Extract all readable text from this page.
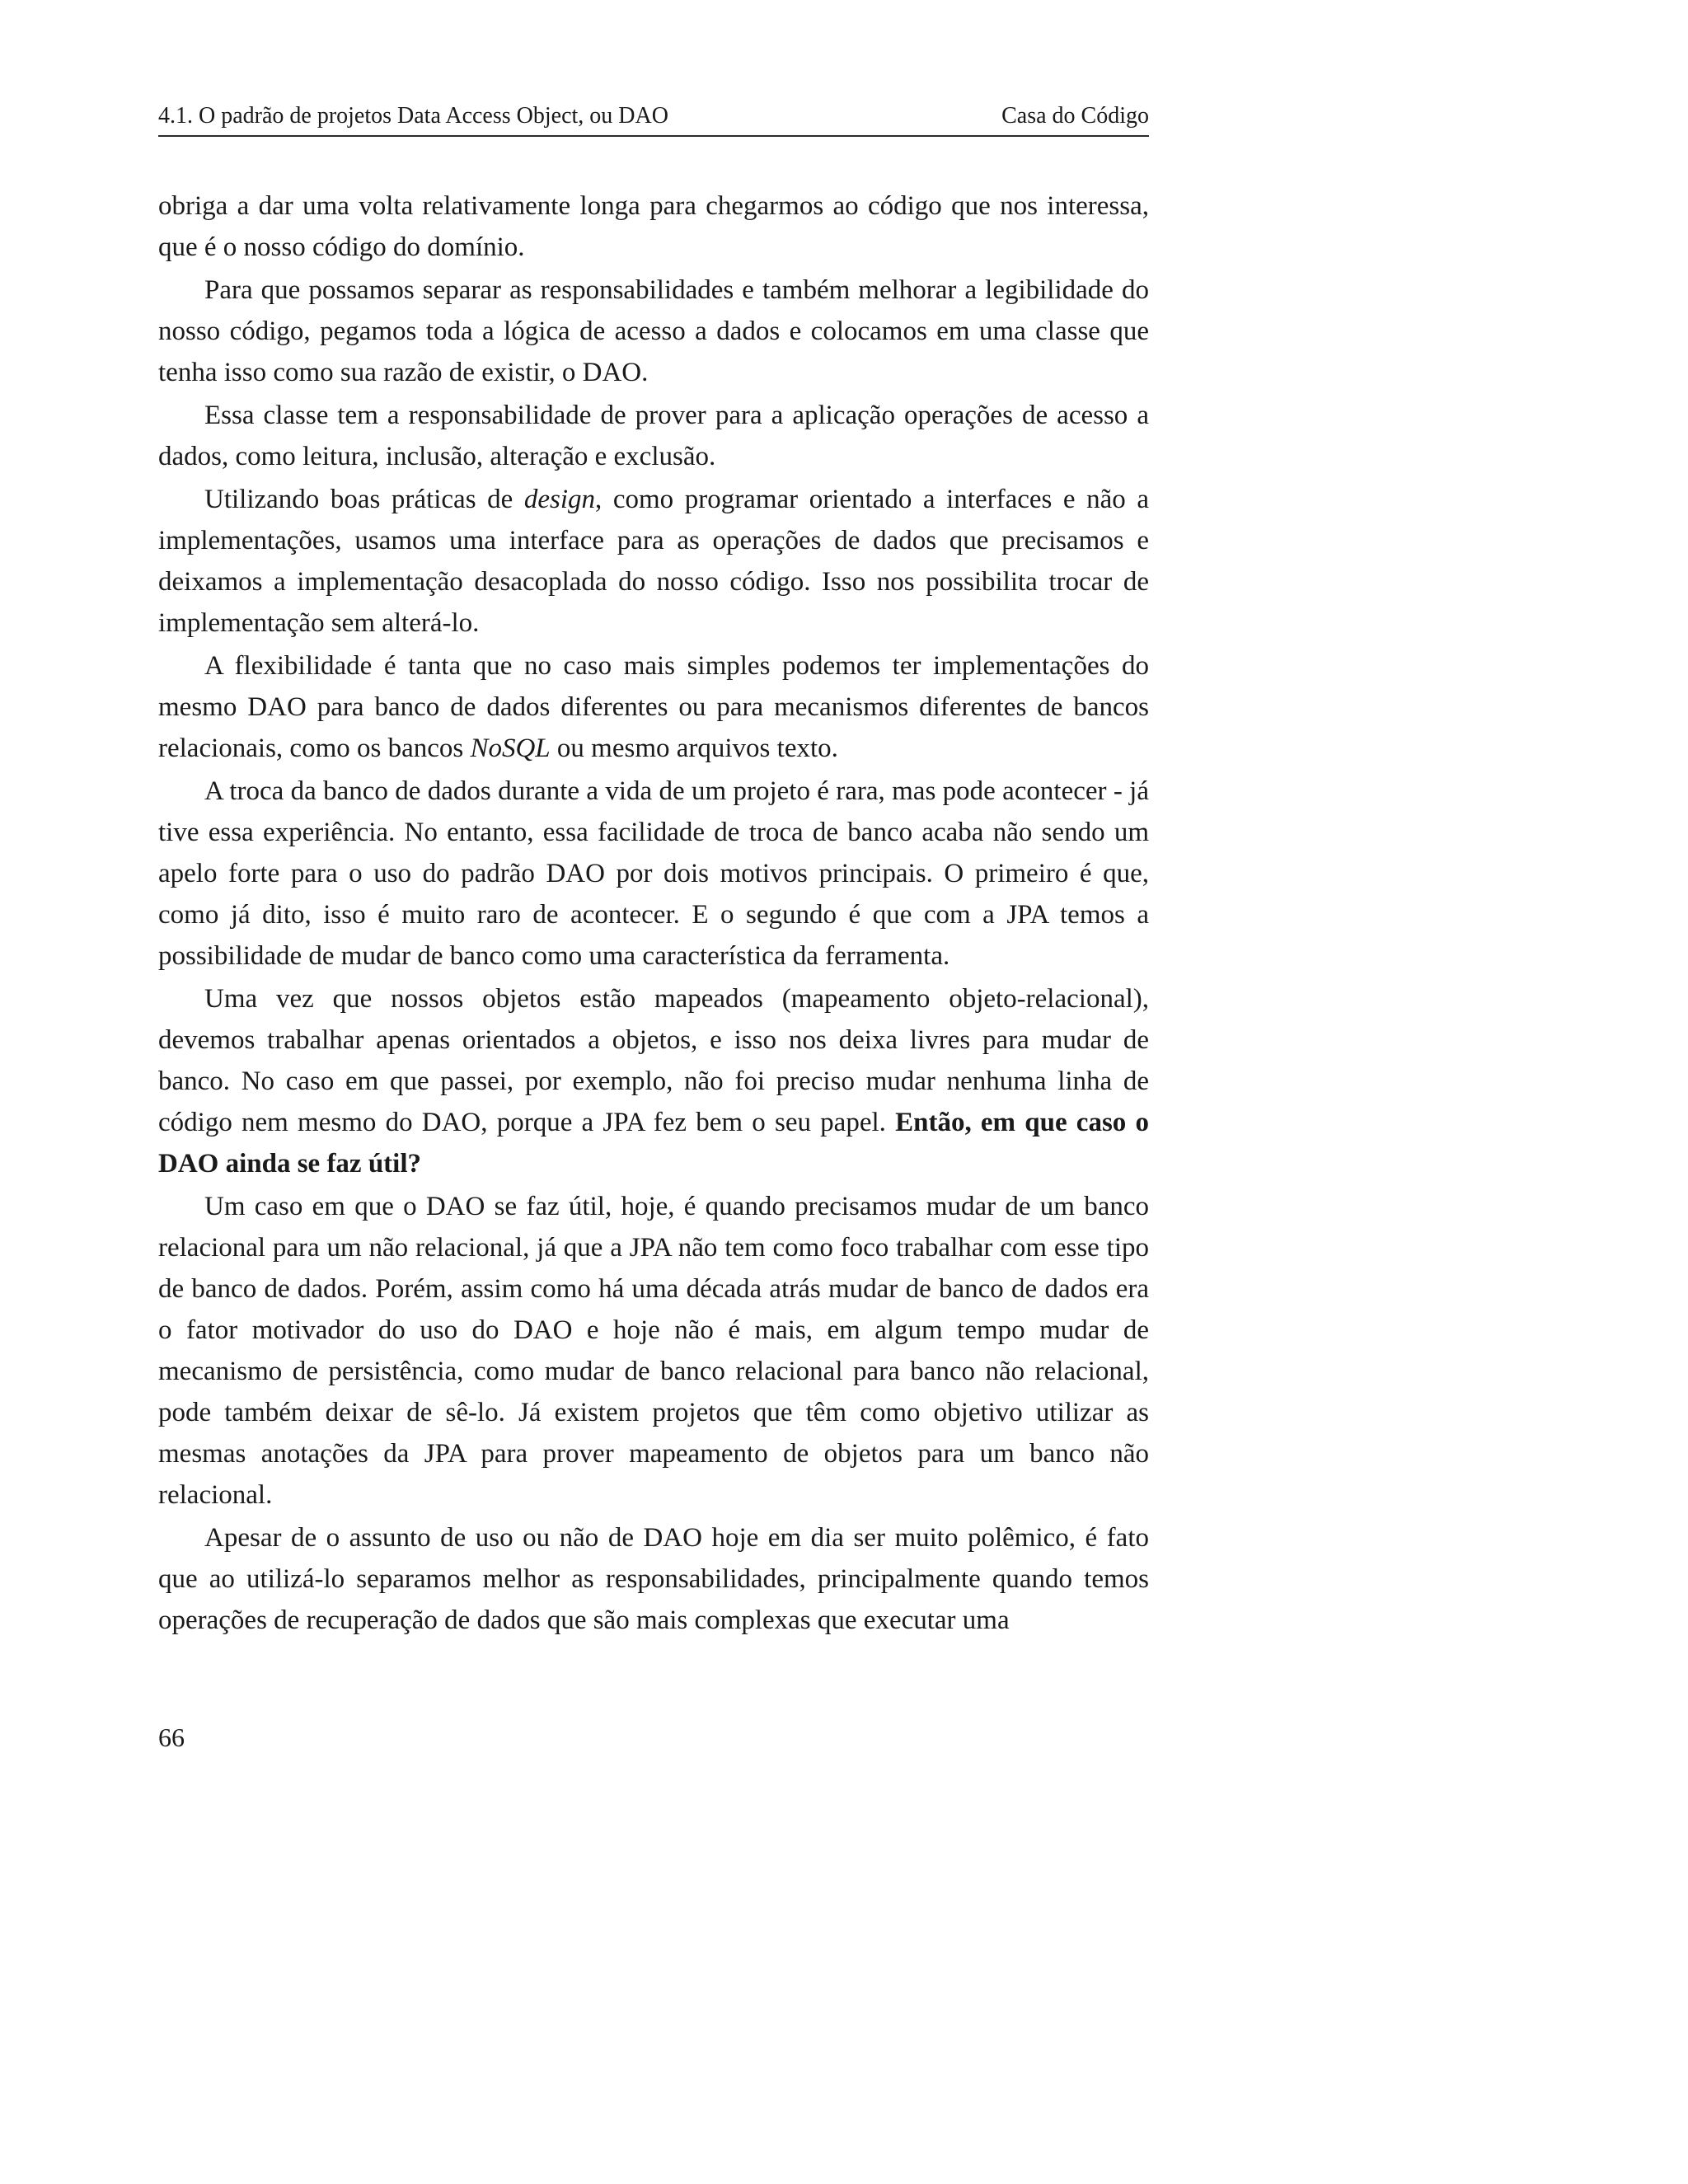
4.1. O padrão de projetos Data Access Object, ou DAO	Casa do Código

obriga a dar uma volta relativamente longa para chegarmos ao código que nos interessa, que é o nosso código do domínio.

Para que possamos separar as responsabilidades e também melhorar a legibilidade do nosso código, pegamos toda a lógica de acesso a dados e colocamos em uma classe que tenha isso como sua razão de existir, o DAO.

Essa classe tem a responsabilidade de prover para a aplicação operações de acesso a dados, como leitura, inclusão, alteração e exclusão.

Utilizando boas práticas de design, como programar orientado a interfaces e não a implementações, usamos uma interface para as operações de dados que precisamos e deixamos a implementação desacoplada do nosso código. Isso nos possibilita trocar de implementação sem alterá-lo.

A flexibilidade é tanta que no caso mais simples podemos ter implementações do mesmo DAO para banco de dados diferentes ou para mecanismos diferentes de bancos relacionais, como os bancos NoSQL ou mesmo arquivos texto.

A troca da banco de dados durante a vida de um projeto é rara, mas pode acontecer - já tive essa experiência. No entanto, essa facilidade de troca de banco acaba não sendo um apelo forte para o uso do padrão DAO por dois motivos principais. O primeiro é que, como já dito, isso é muito raro de acontecer. E o segundo é que com a JPA temos a possibilidade de mudar de banco como uma característica da ferramenta.

Uma vez que nossos objetos estão mapeados (mapeamento objeto-relacional), devemos trabalhar apenas orientados a objetos, e isso nos deixa livres para mudar de banco. No caso em que passei, por exemplo, não foi preciso mudar nenhuma linha de código nem mesmo do DAO, porque a JPA fez bem o seu papel. Então, em que caso o DAO ainda se faz útil?

Um caso em que o DAO se faz útil, hoje, é quando precisamos mudar de um banco relacional para um não relacional, já que a JPA não tem como foco trabalhar com esse tipo de banco de dados. Porém, assim como há uma década atrás mudar de banco de dados era o fator motivador do uso do DAO e hoje não é mais, em algum tempo mudar de mecanismo de persistência, como mudar de banco relacional para banco não relacional, pode também deixar de sê-lo. Já existem projetos que têm como objetivo utilizar as mesmas anotações da JPA para prover mapeamento de objetos para um banco não relacional.

Apesar de o assunto de uso ou não de DAO hoje em dia ser muito polêmico, é fato que ao utilizá-lo separamos melhor as responsabilidades, principalmente quando temos operações de recuperação de dados que são mais complexas que executar uma

66
